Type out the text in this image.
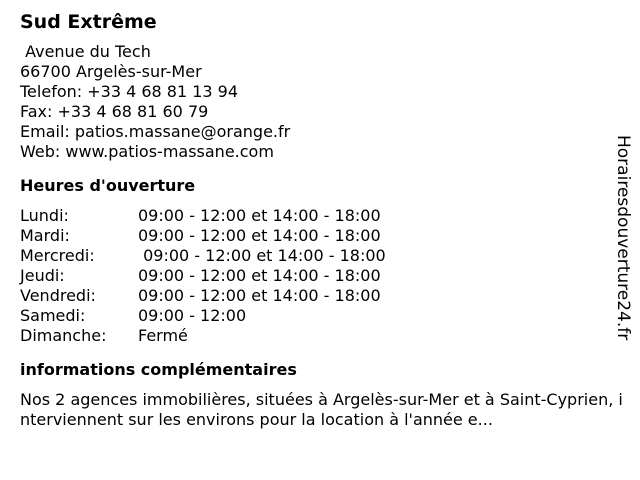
Sud Extrême
Avenue du Tech
66700 Argelès-sur-Mer
Telefon: +33 4 68 81 13 94
Fax: +33 4 68 81 60 79
Email: patios.massane@orange.fr
Web: www.patios-massane.com
Heures d'ouverture
Lundi:	09:00 - 12:00 et 14:00 - 18:00
Mardi:	09:00 - 12:00 et 14:00 - 18:00
Mercredi:	09:00 - 12:00 et 14:00 - 18:00
Jeudi:	09:00 - 12:00 et 14:00 - 18:00
Vendredi:	09:00 - 12:00 et 14:00 - 18:00
Samedi:	09:00 - 12:00
Dimanche:	Fermé
informations complémentaires
Nos 2 agences immobilières, situées à Argelès-sur-Mer et à Saint-Cyprien, interviennent sur les environs pour la location à l'année e...
Horairesdouverture24.fr
